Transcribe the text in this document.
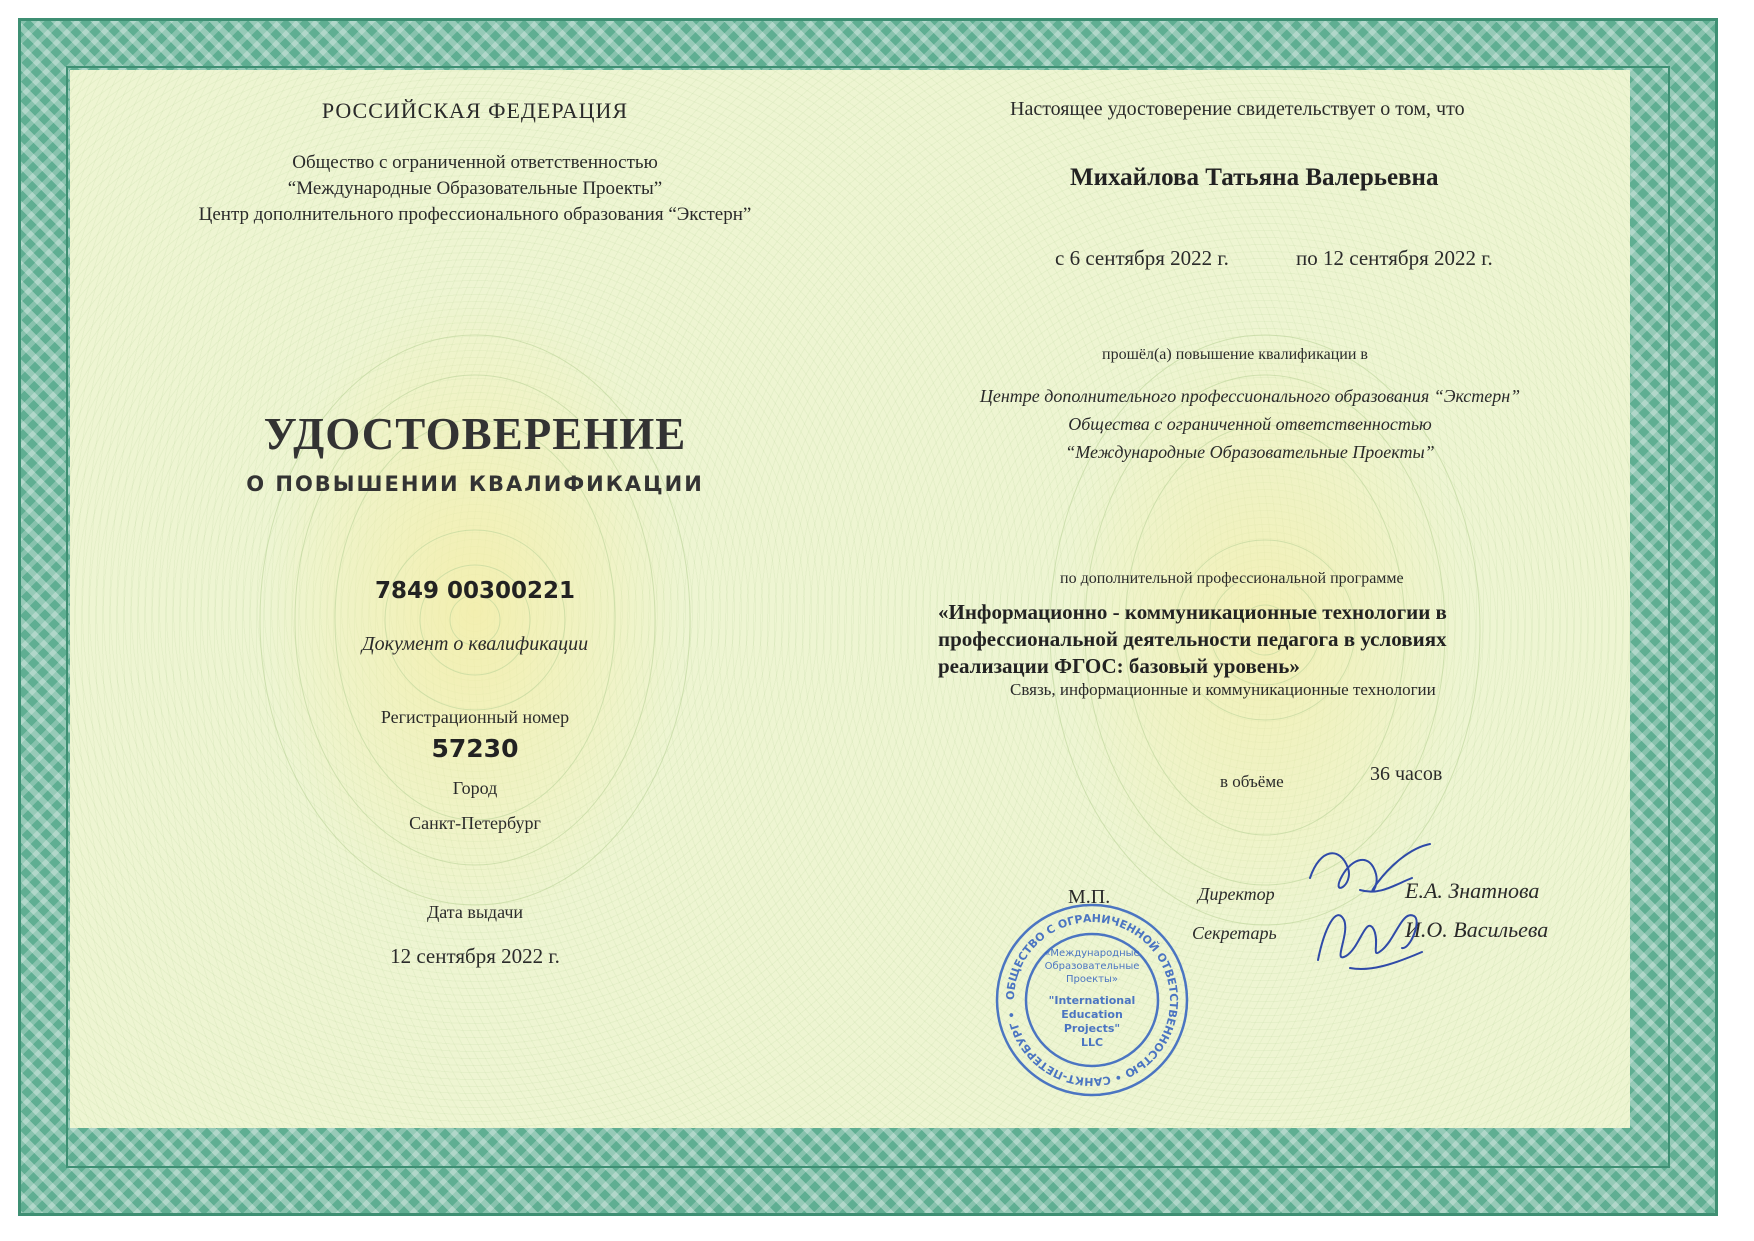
РОССИЙСКАЯ ФЕДЕРАЦИЯ
Общество с ограниченной ответственностью
“Международные Образовательные Проекты”
Центр дополнительного профессионального образования “Экстерн”
УДОСТОВЕРЕНИЕ
О ПОВЫШЕНИИ КВАЛИФИКАЦИИ
7849 00300221
Документ о квалификации
Регистрационный номер
57230
Город
Санкт-Петербург
Дата выдачи
12 сентября 2022 г.
Настоящее удостоверение свидетельствует о том, что
Михайлова Татьяна Валерьевна
с 6 сентября 2022 г.	по 12 сентября 2022 г.
прошёл(а) повышение квалификации в
Центре дополнительного профессионального образования “Экстерн”
Общества с ограниченной ответственностью
“Международные Образовательные Проекты”
по дополнительной профессиональной программе
«Информационно - коммуникационные технологии в
профессиональной деятельности педагога в условиях
реализации ФГОС: базовый уровень»
Связь, информационные и коммуникационные технологии
в объёме	36 часов
М.П.	Директор	Е.А. Знатнова
Секретарь	И.О. Васильева
ОБЩЕСТВО С ОГРАНИЧЕННОЙ ОТВЕТСТВЕННОСТЬЮ • САНКТ-ПЕТЕРБУРГ •
«Международные
Образовательные
Проекты»
"International
Education
Projects"
LLC
